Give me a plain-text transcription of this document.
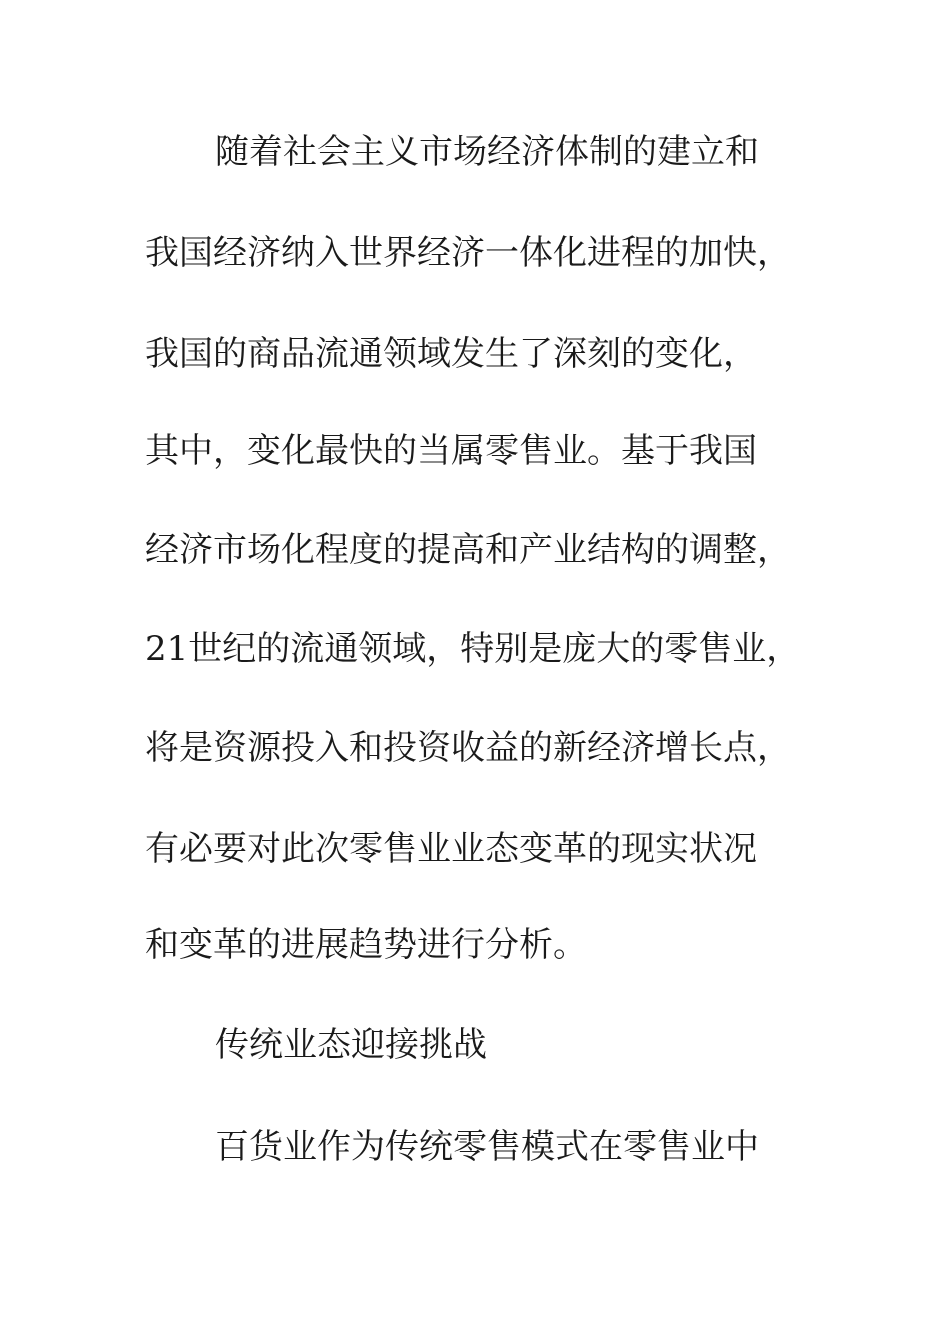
随着社会主义市场经济体制的建立和
我国经济纳入世界经济一体化进程的加快，
我国的商品流通领域发生了深刻的变化，
其中，变化最快的当属零售业。基于我国
经济市场化程度的提高和产业结构的调整，
21世纪的流通领域，特别是庞大的零售业，
将是资源投入和投资收益的新经济增长点，
有必要对此次零售业业态变革的现实状况
和变革的进展趋势进行分析。
传统业态迎接挑战
百货业作为传统零售模式在零售业中
